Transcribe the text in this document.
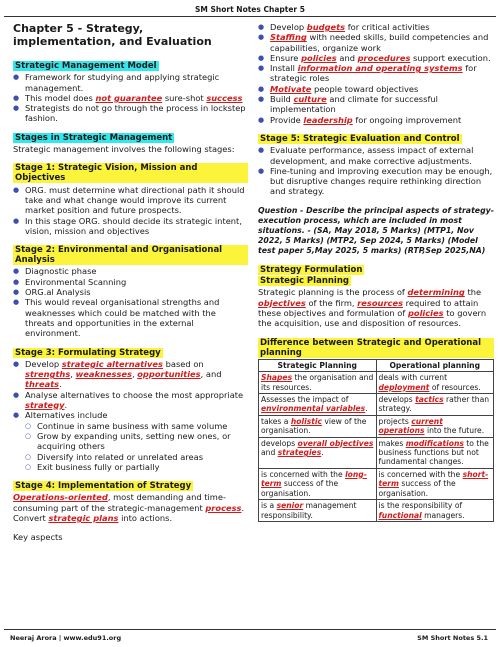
SM Short Notes Chapter 5
Chapter 5 - Strategy, implementation, and Evaluation
Strategic Management Model
● Framework for studying and applying strategic management.
● This model does not guarantee sure-shot success
● Strategists do not go through the process in lockstep fashion.
Stages in Strategic Management

Strategic management involves the following stages:

Stage 1: Strategic Vision, Mission and Objectives
● ORG. must determine what directional path it should take and what change would improve its current market position and future prospects.
● In this stage ORG. should decide its strategic intent, vision, mission and objectives
Stage 2: Environmental and Organisational Analysis
● Diagnostic phase
● Environmental Scanning
● ORG.al Analysis
● This would reveal organisational strengths and weaknesses which could be matched with the threats and opportunities in the external environment.
Stage 3: Formulating Strategy
● Develop strategic alternatives based on strengths, weaknesses, opportunities, and threats.
● Analyse alternatives to choose the most appropriate strategy.
● Alternatives include
○ Continue in same business with same volume
○ Grow by expanding units, setting new ones, or acquiring others
○ Diversify into related or unrelated areas
○ Exit business fully or partially
Stage 4: Implementation of Strategy

Operations-oriented, most demanding and time-consuming part of the strategic-management process. Convert strategic plans into actions.

Key aspects

● Develop budgets for critical activities
● Staffing with needed skills, build competencies and capabilities, organize work
● Ensure policies and procedures support execution.
● Install information and operating systems for strategic roles
● Motivate people toward objectives
● Build culture and climate for successful implementation
● Provide leadership for ongoing improvement
Stage 5: Strategic Evaluation and Control
● Evaluate performance, assess impact of external development, and make corrective adjustments.
● Fine-tuning and improving execution may be enough, but disruptive changes require rethinking direction and strategy.

Question - Describe the principal aspects of strategy-execution process, which are included in most situations. - (SA, May 2018, 5 Marks) (MTP1, Nov 2022, 5 Marks) (MTP2, Sep 2024, 5 Marks) (Model test paper 5,May 2025, 5 marks) (RTP,Sep 2025,NA)

Strategy Formulation
Strategic Planning

Strategic planning is the process of determining the objectives of the firm, resources required to attain these objectives and formulation of policies to govern the acquisition, use and disposition of resources.

Difference between Strategic and Operational planning
Strategic Planning	Operational planning
Shapes the organisation and its resources.	deals with current deployment of resources.
Assesses the impact of environmental variables.	develops tactics rather than strategy.
takes a holistic view of the organisation.	projects current operations into the future.
develops overall objectives and strategies.	makes modifications to the business functions but not fundamental changes.
is concerned with the long-term success of the organisation.	is concerned with the short-term success of the organisation.
is a senior management responsibility.	is the responsibility of functional managers.
Neeraj Arora | www.edu91.org	SM Short Notes 5.1
